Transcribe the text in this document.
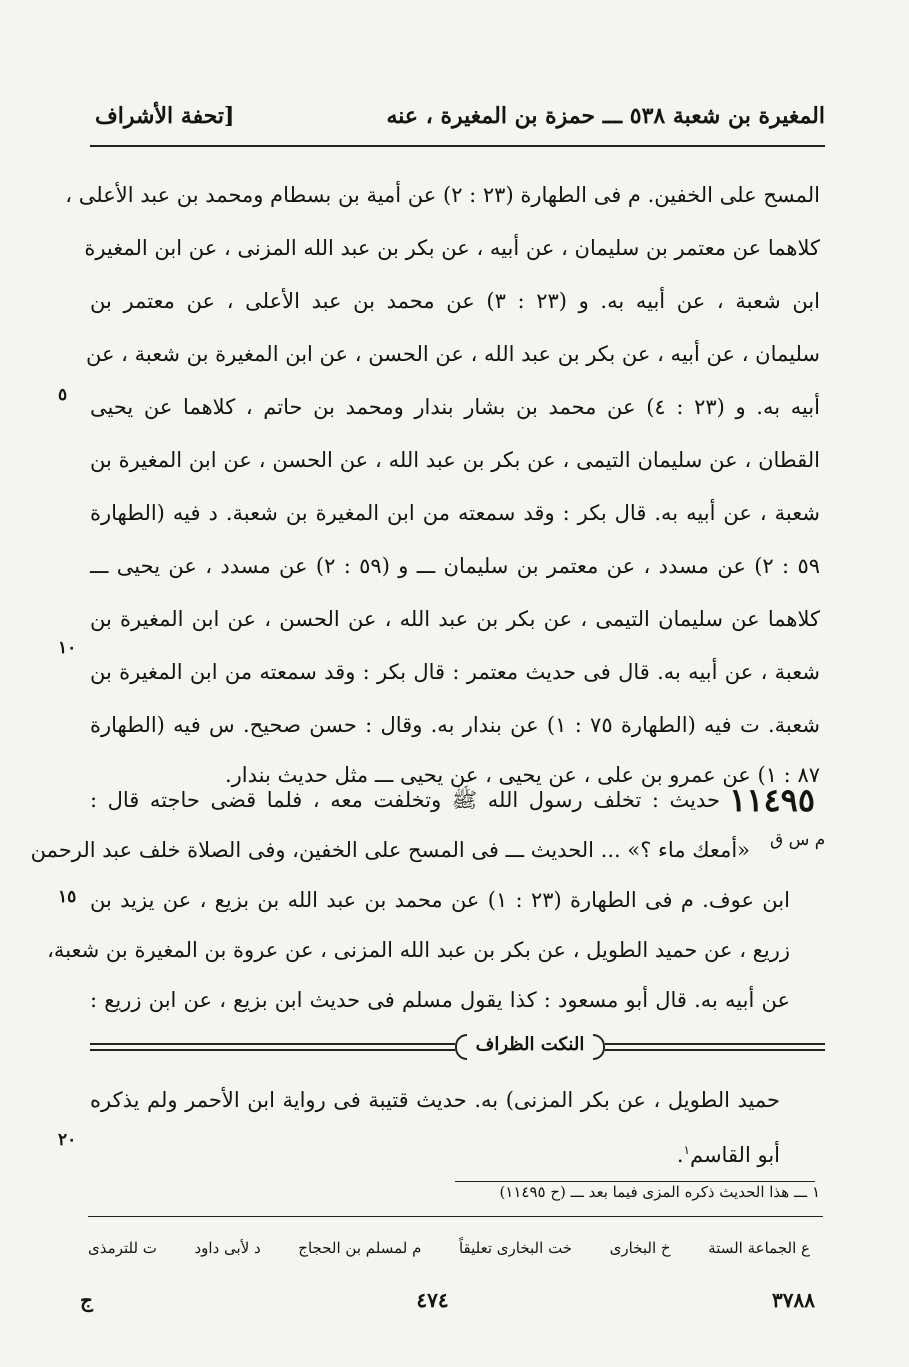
المغيرة بن شعبة ٥٣٨ ـــ حمزة بن المغيرة ، عنه
[تحفة الأشراف
المسح على الخفين. م فى الطهارة (٢٣ : ٢) عن أمية بن بسطام ومحمد بن عبد الأعلى ،
كلاهما عن معتمر بن سليمان ، عن أبيه ، عن بكر بن عبد الله المزنى ، عن ابن المغيرة
ابن شعبة ، عن أبيه به. و (٢٣ : ٣) عن محمد بن عبد الأعلى ، عن معتمر بن
سليمان ، عن أبيه ، عن بكر بن عبد الله ، عن الحسن ، عن ابن المغيرة بن شعبة ، عن
أبيه به. و (٢٣ : ٤) عن محمد بن بشار بندار ومحمد بن حاتم ، كلاهما عن يحيى
القطان ، عن سليمان التيمى ، عن بكر بن عبد الله ، عن الحسن ، عن ابن المغيرة بن
شعبة ، عن أبيه به. قال بكر : وقد سمعته من ابن المغيرة بن شعبة. د فيه (الطهارة
٥٩ : ٢) عن مسدد ، عن معتمر بن سليمان ـــ و (٥٩ : ٢) عن مسدد ، عن يحيى ـــ
كلاهما عن سليمان التيمى ، عن بكر بن عبد الله ، عن الحسن ، عن ابن المغيرة بن
شعبة ، عن أبيه به. قال فى حديث معتمر : قال بكر : وقد سمعته من ابن المغيرة بن
شعبة. ت فيه (الطهارة ٧٥ : ١) عن بندار به. وقال : حسن صحيح. س فيه (الطهارة
٨٧ : ١) عن عمرو بن على ، عن يحيى ، عن يحيى ـــ مثل حديث بندار.
٥
١٠
١٥
٢٠
١١٤٩٥
م س ق
حديث : تخلف رسول الله ﷺ وتخلفت معه ، فلما قضى حاجته قال :
«أمعك ماء ؟» ... الحديث ـــ فى المسح على الخفين، وفى الصلاة خلف عبد الرحمن
ابن عوف. م فى الطهارة (٢٣ : ١) عن محمد بن عبد الله بن بزيع ، عن يزيد بن
زريع ، عن حميد الطويل ، عن بكر بن عبد الله المزنى ، عن عروة بن المغيرة بن شعبة،
عن أبيه به. قال أبو مسعود : كذا يقول مسلم فى حديث ابن بزيع ، عن ابن زريع :
النكت الظراف
حميد الطويل ، عن بكر المزنى) به. حديث قتيبة فى رواية ابن الأحمر ولم يذكره
أبو القاسم$^١$.
١ ـــ هذا الحديث ذكره المزى فيما بعد ـــ (ح ١١٤٩٥)
ع الجماعة الستة
خ البخارى
خت البخارى تعليقاً
م لمسلم بن الحجاج
د لأبى داود
ت للترمذى
٣٧٨٨
٤٧٤
ج
